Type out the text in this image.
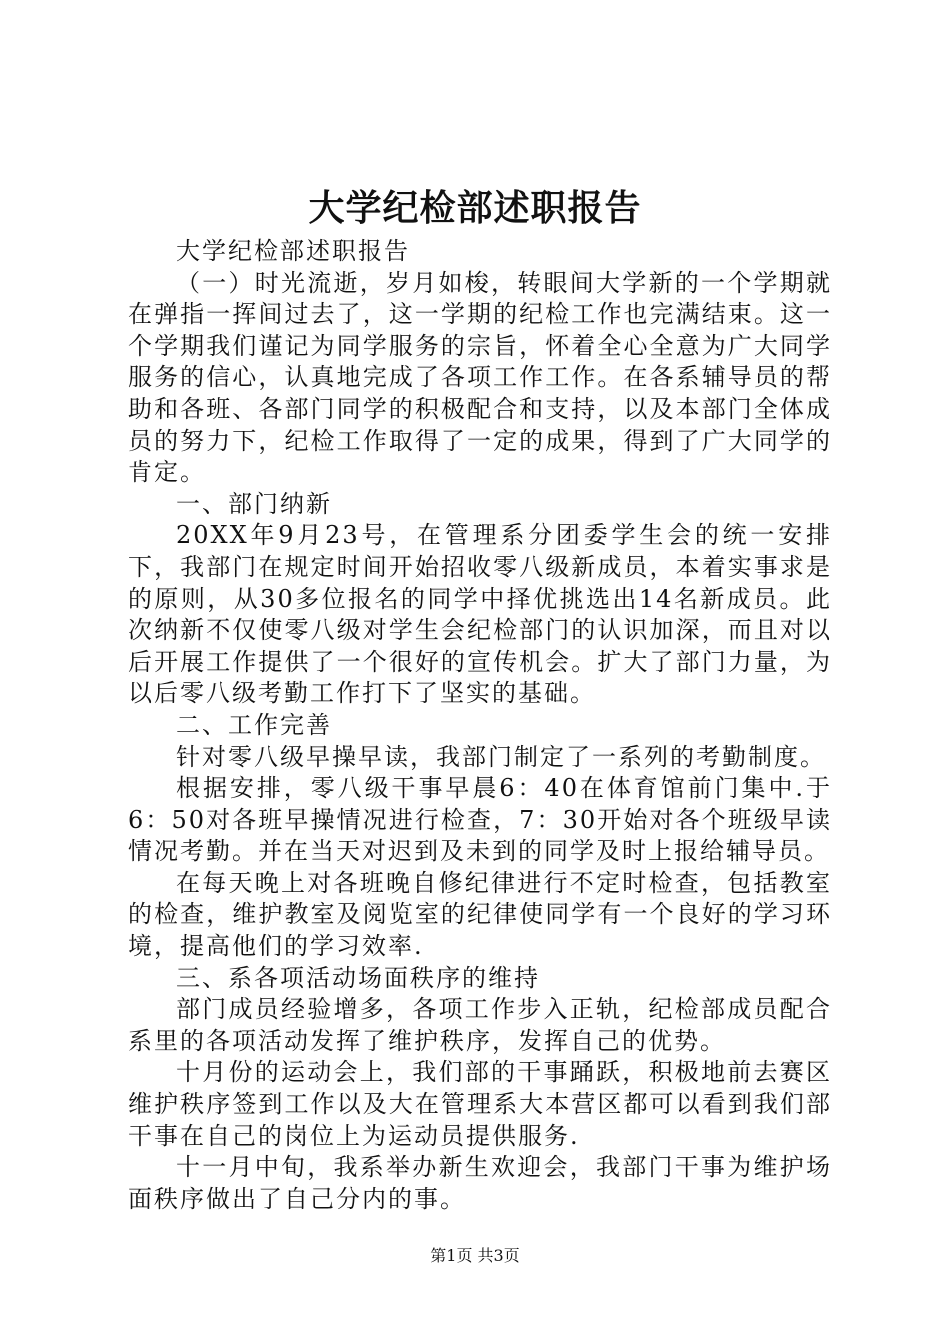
大学纪检部述职报告

大学纪检部述职报告

（一）时光流逝，岁月如梭，转眼间大学新的一个学期就在弹指一挥间过去了，这一学期的纪检工作也完满结束。这一个学期我们谨记为同学服务的宗旨，怀着全心全意为广大同学服务的信心，认真地完成了各项工作工作。在各系辅导员的帮助和各班、各部门同学的积极配合和支持，以及本部门全体成员的努力下，纪检工作取得了一定的成果，得到了广大同学的肯定。

一、部门纳新

20XX年9月23号，在管理系分团委学生会的统一安排下，我部门在规定时间开始招收零八级新成员，本着实事求是的原则，从30多位报名的同学中择优挑选出14名新成员。此次纳新不仅使零八级对学生会纪检部门的认识加深，而且对以后开展工作提供了一个很好的宣传机会。扩大了部门力量，为以后零八级考勤工作打下了坚实的基础。

二、工作完善

针对零八级早操早读，我部门制定了一系列的考勤制度。

根据安排，零八级干事早晨6：40在体育馆前门集中.于6：50对各班早操情况进行检查，7：30开始对各个班级早读情况考勤。并在当天对迟到及未到的同学及时上报给辅导员。

在每天晚上对各班晚自修纪律进行不定时检查，包括教室的检查，维护教室及阅览室的纪律使同学有一个良好的学习环境，提高他们的学习效率.

三、系各项活动场面秩序的维持

部门成员经验增多，各项工作步入正轨，纪检部成员配合系里的各项活动发挥了维护秩序，发挥自己的优势。

十月份的运动会上，我们部的干事踊跃，积极地前去赛区维护秩序签到工作以及大在管理系大本营区都可以看到我们部干事在自己的岗位上为运动员提供服务.

十一月中旬，我系举办新生欢迎会，我部门干事为维护场面秩序做出了自己分内的事。

第1页 共3页
